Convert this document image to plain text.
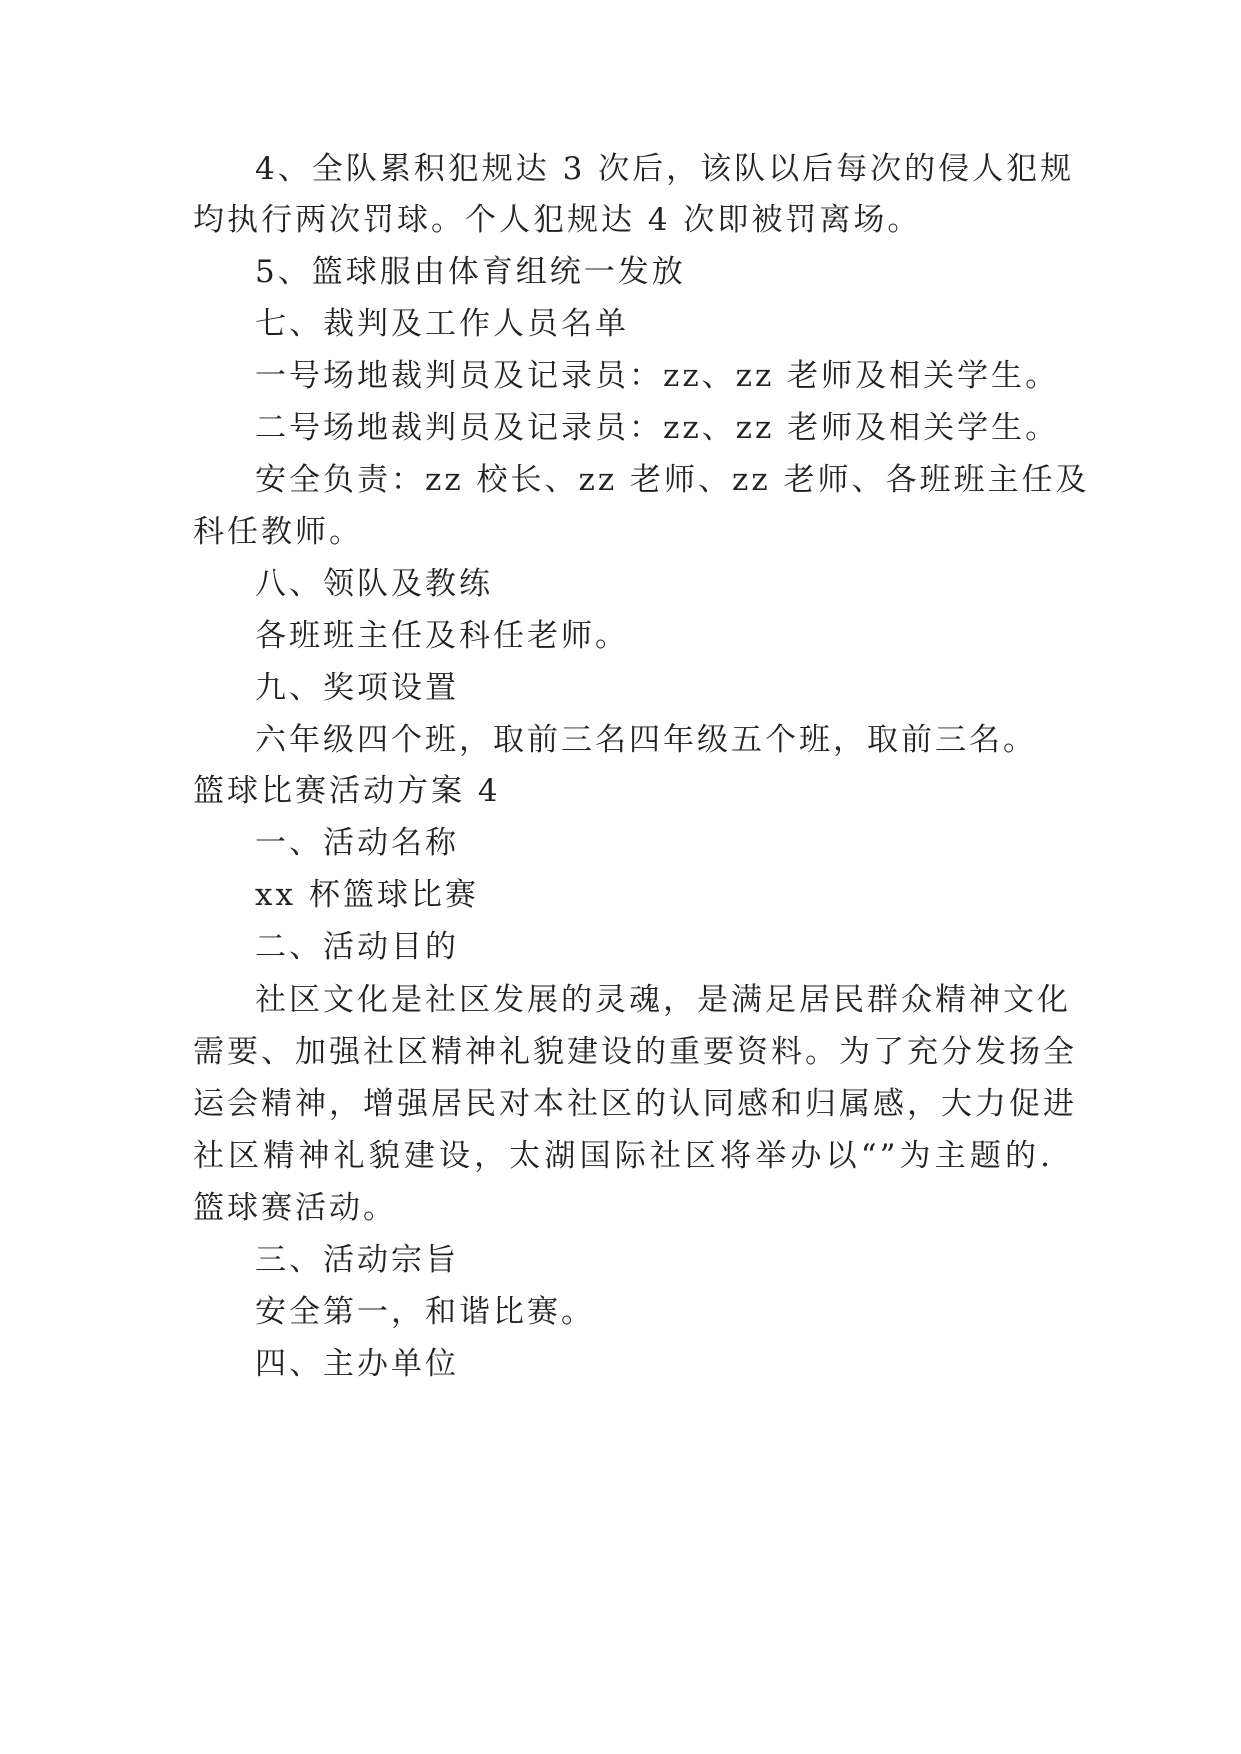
4、全队累积犯规达 3 次后，该队以后每次的侵人犯规
均执行两次罚球。个人犯规达 4 次即被罚离场。
5、篮球服由体育组统一发放
七、裁判及工作人员名单
一号场地裁判员及记录员：zz、zz 老师及相关学生。
二号场地裁判员及记录员：zz、zz 老师及相关学生。
安全负责：zz 校长、zz 老师、zz 老师、各班班主任及
科任教师。
八、领队及教练
各班班主任及科任老师。
九、奖项设置
六年级四个班，取前三名四年级五个班，取前三名。
篮球比赛活动方案 4
一、活动名称
xx 杯篮球比赛
二、活动目的
社区文化是社区发展的灵魂，是满足居民群众精神文化
需要、加强社区精神礼貌建设的重要资料。为了充分发扬全
运会精神，增强居民对本社区的认同感和归属感，大力促进
社区精神礼貌建设，太湖国际社区将举办以“”为主题的.
篮球赛活动。
三、活动宗旨
安全第一，和谐比赛。
四、主办单位
